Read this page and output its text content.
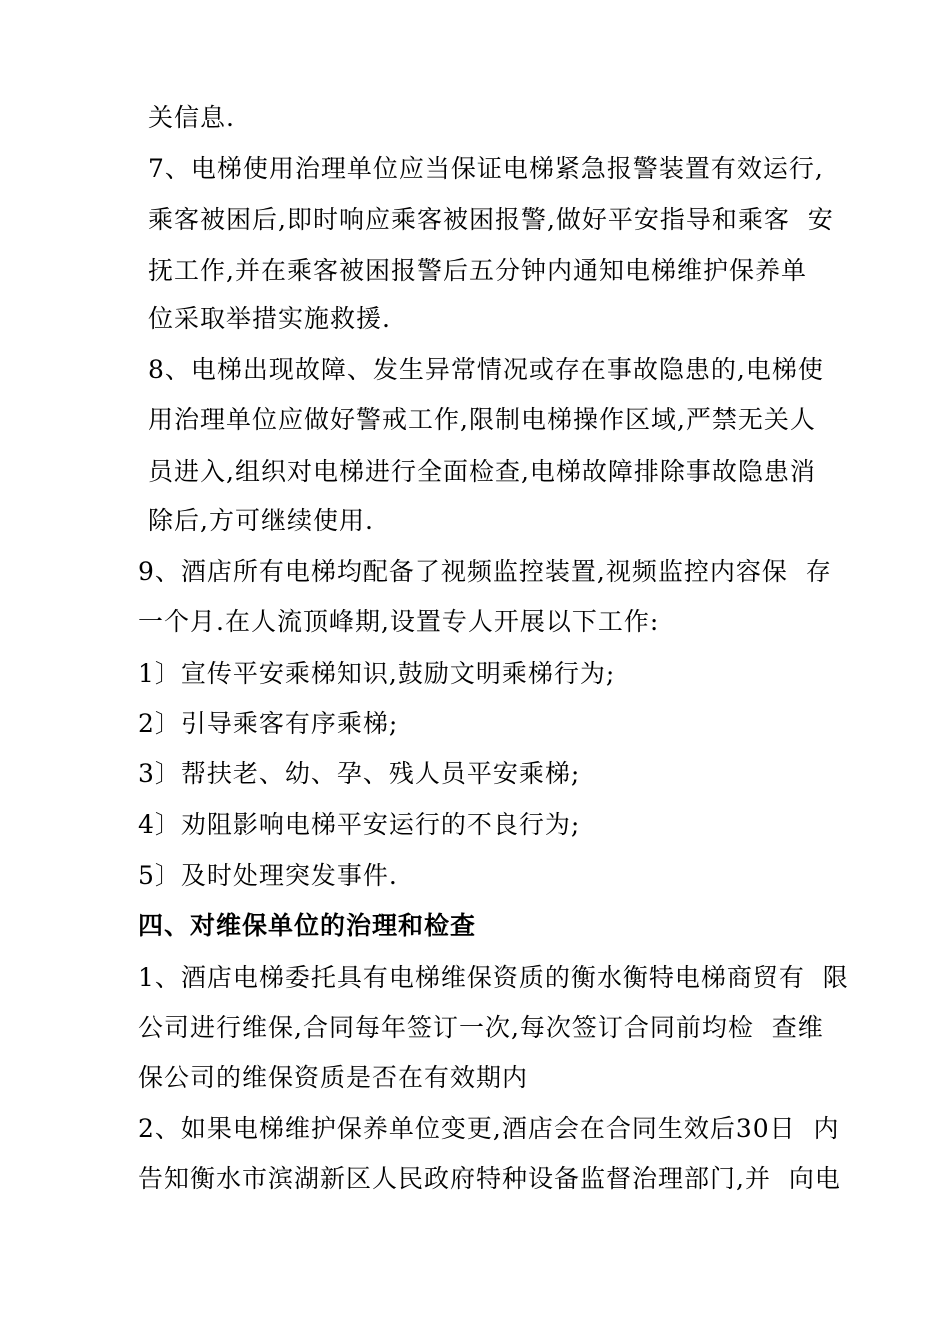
关信息.
7、电梯使用治理单位应当保证电梯紧急报警装置有效运行,
乘客被困后,即时响应乘客被困报警,做好平安指导和乘客  安
抚工作,并在乘客被困报警后五分钟内通知电梯维护保养单
位采取举措实施救援.
8、电梯出现故障、发生异常情况或存在事故隐患的,电梯使
用治理单位应做好警戒工作,限制电梯操作区域,严禁无关人
员进入,组织对电梯进行全面检查,电梯故障排除事故隐患消
除后,方可继续使用.
9、酒店所有电梯均配备了视频监控装置,视频监控内容保  存
一个月.在人流顶峰期,设置专人开展以下工作:
1〕宣传平安乘梯知识,鼓励文明乘梯行为;
2〕引导乘客有序乘梯;
3〕帮扶老、幼、孕、残人员平安乘梯;
4〕劝阻影响电梯平安运行的不良行为;
5〕及时处理突发事件.
四、对维保单位的治理和检查
1、酒店电梯委托具有电梯维保资质的衡水衡特电梯商贸有  限
公司进行维保,合同每年签订一次,每次签订合同前均检  查维
保公司的维保资质是否在有效期内
2、如果电梯维护保养单位变更,酒店会在合同生效后30日  内
告知衡水市滨湖新区人民政府特种设备监督治理部门,并  向电
